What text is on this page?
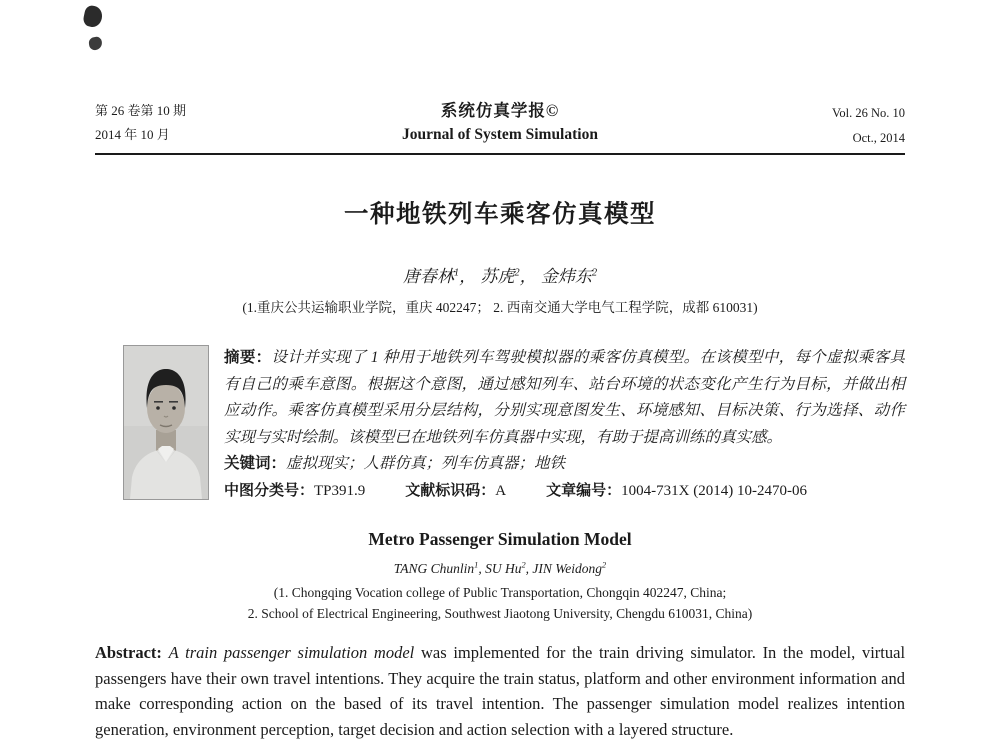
第 26 卷第 10 期
2014 年 10 月
系统仿真学报©
Journal of System Simulation
Vol. 26 No. 10
Oct., 2014
一种地铁列车乘客仿真模型

唐春林$^1$， 苏虎$^2$， 金炜东$^2$

(1.重庆公共运输职业学院，重庆 402247； 2. 西南交通大学电气工程学院，成都 610031)

摘要：设计并实现了 1 种用于地铁列车驾驶模拟器的乘客仿真模型。在该模型中，每个虚拟乘客具有自己的乘车意图。根据这个意图，通过感知列车、站台环境的状态变化产生行为目标，并做出相应动作。乘客仿真模型采用分层结构，分别实现意图发生、环境感知、目标决策、行为选择、动作实现与实时绘制。该模型已在地铁列车仿真器中实现，有助于提高训练的真实感。

关键词：虚拟现实；人群仿真；列车仿真器；地铁

中图分类号：TP391.9	文献标识码：A	文章编号：1004-731X (2014) 10-2470-06

Metro Passenger Simulation Model

TANG Chunlin$^1$, SU Hu$^2$, JIN Weidong$^2$

(1. Chongqing Vocation college of Public Transportation, Chongqin 402247, China;
2. School of Electrical Engineering, Southwest Jiaotong University, Chengdu 610031, China)

Abstract: A train passenger simulation model was implemented for the train driving simulator. In the model, virtual passengers have their own travel intentions. They acquire the train status, platform and other environment information and make corresponding action on the based of its travel intention. The passenger simulation model realizes intention generation, environment perception, target decision and action selection with a layered structure.
